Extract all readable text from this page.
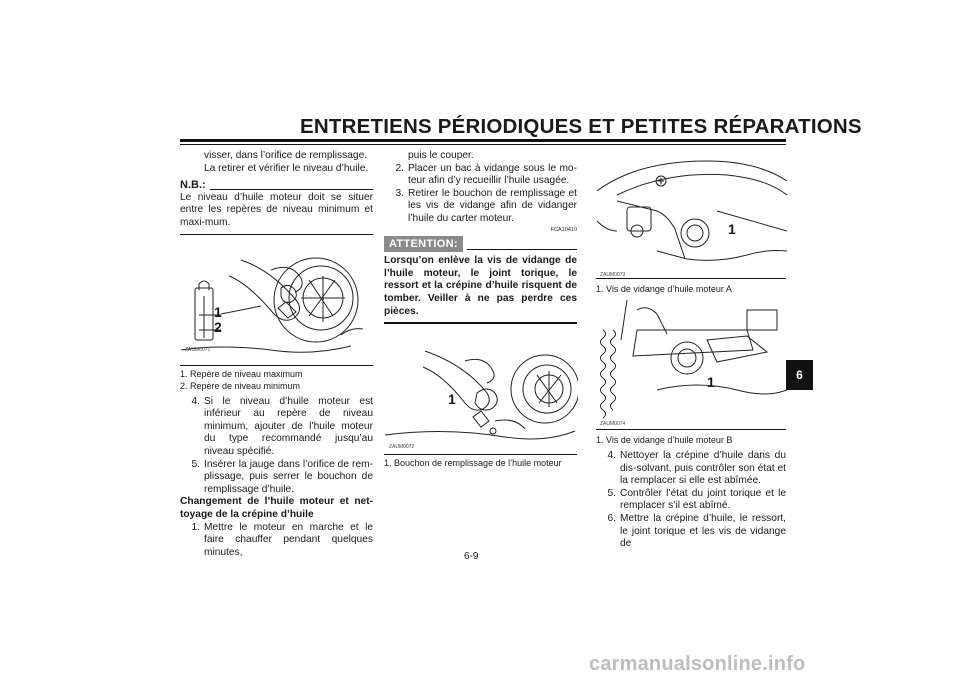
ENTRETIENS PÉRIODIQUES ET PETITES RÉPARATIONS

visser, dans l’orifice de remplissage.

La retirer et vérifier le niveau d’huile.

N.B.:

Le niveau d’huile moteur doit se situer entre les repères de niveau minimum et maxi-mum.

1
2
ZAUM0071
1. Repère de niveau maximum
2. Repère de niveau minimum
4. Si le niveau d’huile moteur est inférieur au repère de niveau minimum, ajouter de l’huile moteur du type recommandé jusqu’au niveau spécifié.
5. Insérer la jauge dans l’orifice de rem-plissage, puis serrer le bouchon de remplissage d’huile.

Changement de l’huile moteur et net-toyage de la crépine d’huile

1. Mettre le moteur en marche et le faire chauffer pendant quelques minutes,

puis le couper.

2. Placer un bac à vidange sous le mo-teur afin d’y recueillir l’huile usagée.
3. Retirer le bouchon de remplissage et les vis de vidange afin de vidanger l’huile du carter moteur.
FCA10410
ATTENTION:

Lorsqu’on enlève la vis de vidange de l’huile moteur, le joint torique, le ressort et la crépine d’huile risquent de tomber. Veiller à ne pas perdre ces pièces.

1
ZAUM0072
1. Bouchon de remplissage de l’huile moteur
1
ZAUM0073
1. Vis de vidange d’huile moteur A
1
ZAUM0074
1. Vis de vidange d’huile moteur B
4. Nettoyer la crépine d’huile dans du dis-solvant, puis contrôler son état et la remplacer si elle est abîmée.
5. Contrôler l’état du joint torique et le remplacer s’il est abîmé.
6. Mettre la crépine d’huile, le ressort, le joint torique et les vis de vidange de
6
6-9
carmanualsonline.info
